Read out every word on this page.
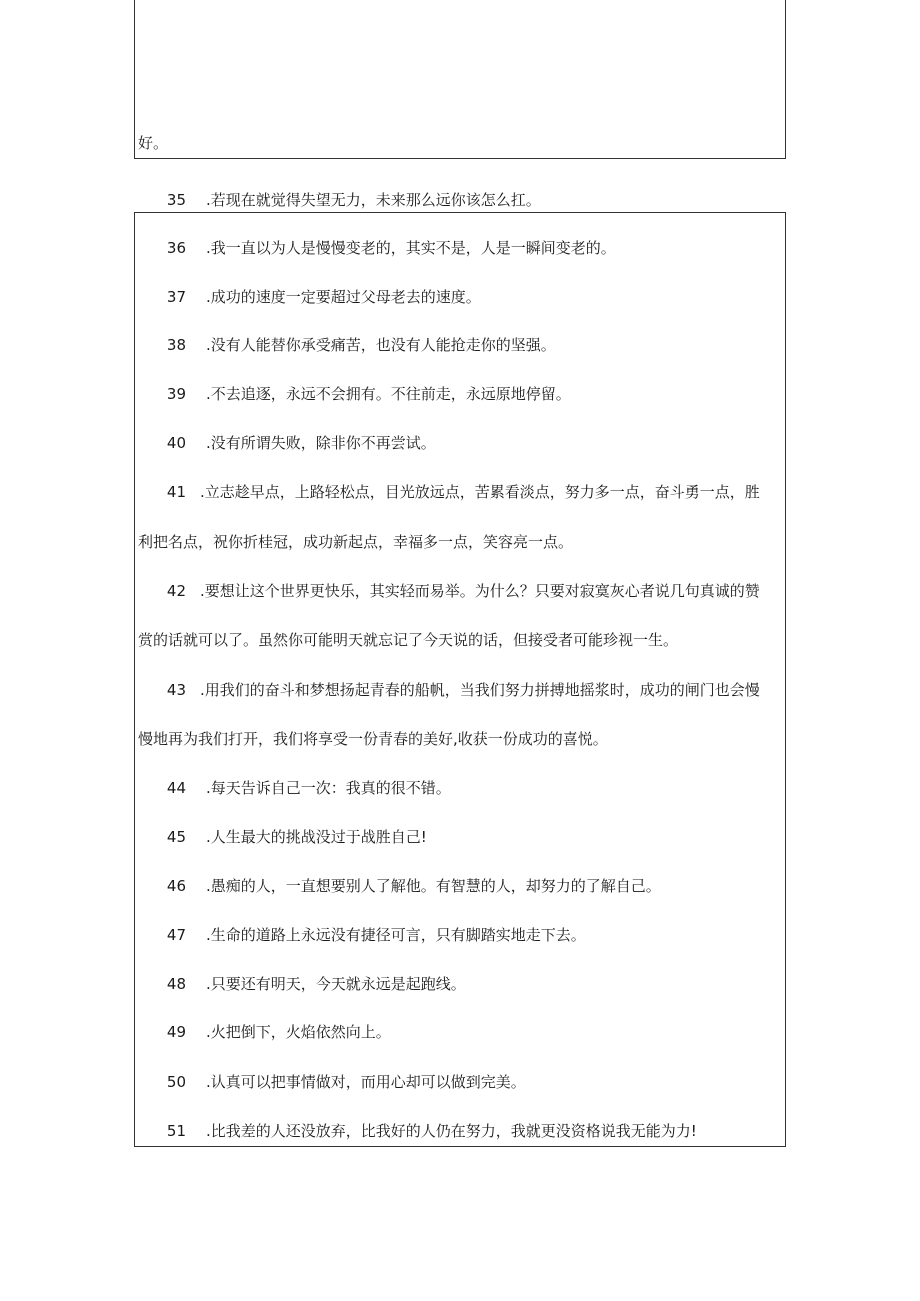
好。
35 .若现在就觉得失望无力，未来那么远你该怎么扛。
36 .我一直以为人是慢慢变老的，其实不是，人是一瞬间变老的。
37 .成功的速度一定要超过父母老去的速度。
38 .没有人能替你承受痛苦，也没有人能抢走你的坚强。
39 .不去追逐，永远不会拥有。不往前走，永远原地停留。
40 .没有所谓失败，除非你不再尝试。
41 .立志趁早点，上路轻松点，目光放远点，苦累看淡点，努力多一点，奋斗勇一点，胜
利把名点，祝你折桂冠，成功新起点，幸福多一点，笑容亮一点。
42 .要想让这个世界更快乐，其实轻而易举。为什么？只要对寂寞灰心者说几句真诚的赞
赏的话就可以了。虽然你可能明天就忘记了今天说的话，但接受者可能珍视一生。
43 .用我们的奋斗和梦想扬起青春的船帆，当我们努力拼搏地摇浆时，成功的闸门也会慢
慢地再为我们打开，我们将享受一份青春的美好,收获一份成功的喜悦。
44 .每天告诉自己一次：我真的很不错。
45 .人生最大的挑战没过于战胜自己!
46 .愚痴的人，一直想要别人了解他。有智慧的人，却努力的了解自己。
47 .生命的道路上永远没有捷径可言，只有脚踏实地走下去。
48 .只要还有明天，今天就永远是起跑线。
49 .火把倒下，火焰依然向上。
50 .认真可以把事情做对，而用心却可以做到完美。
51 .比我差的人还没放弃，比我好的人仍在努力，我就更没资格说我无能为力!
